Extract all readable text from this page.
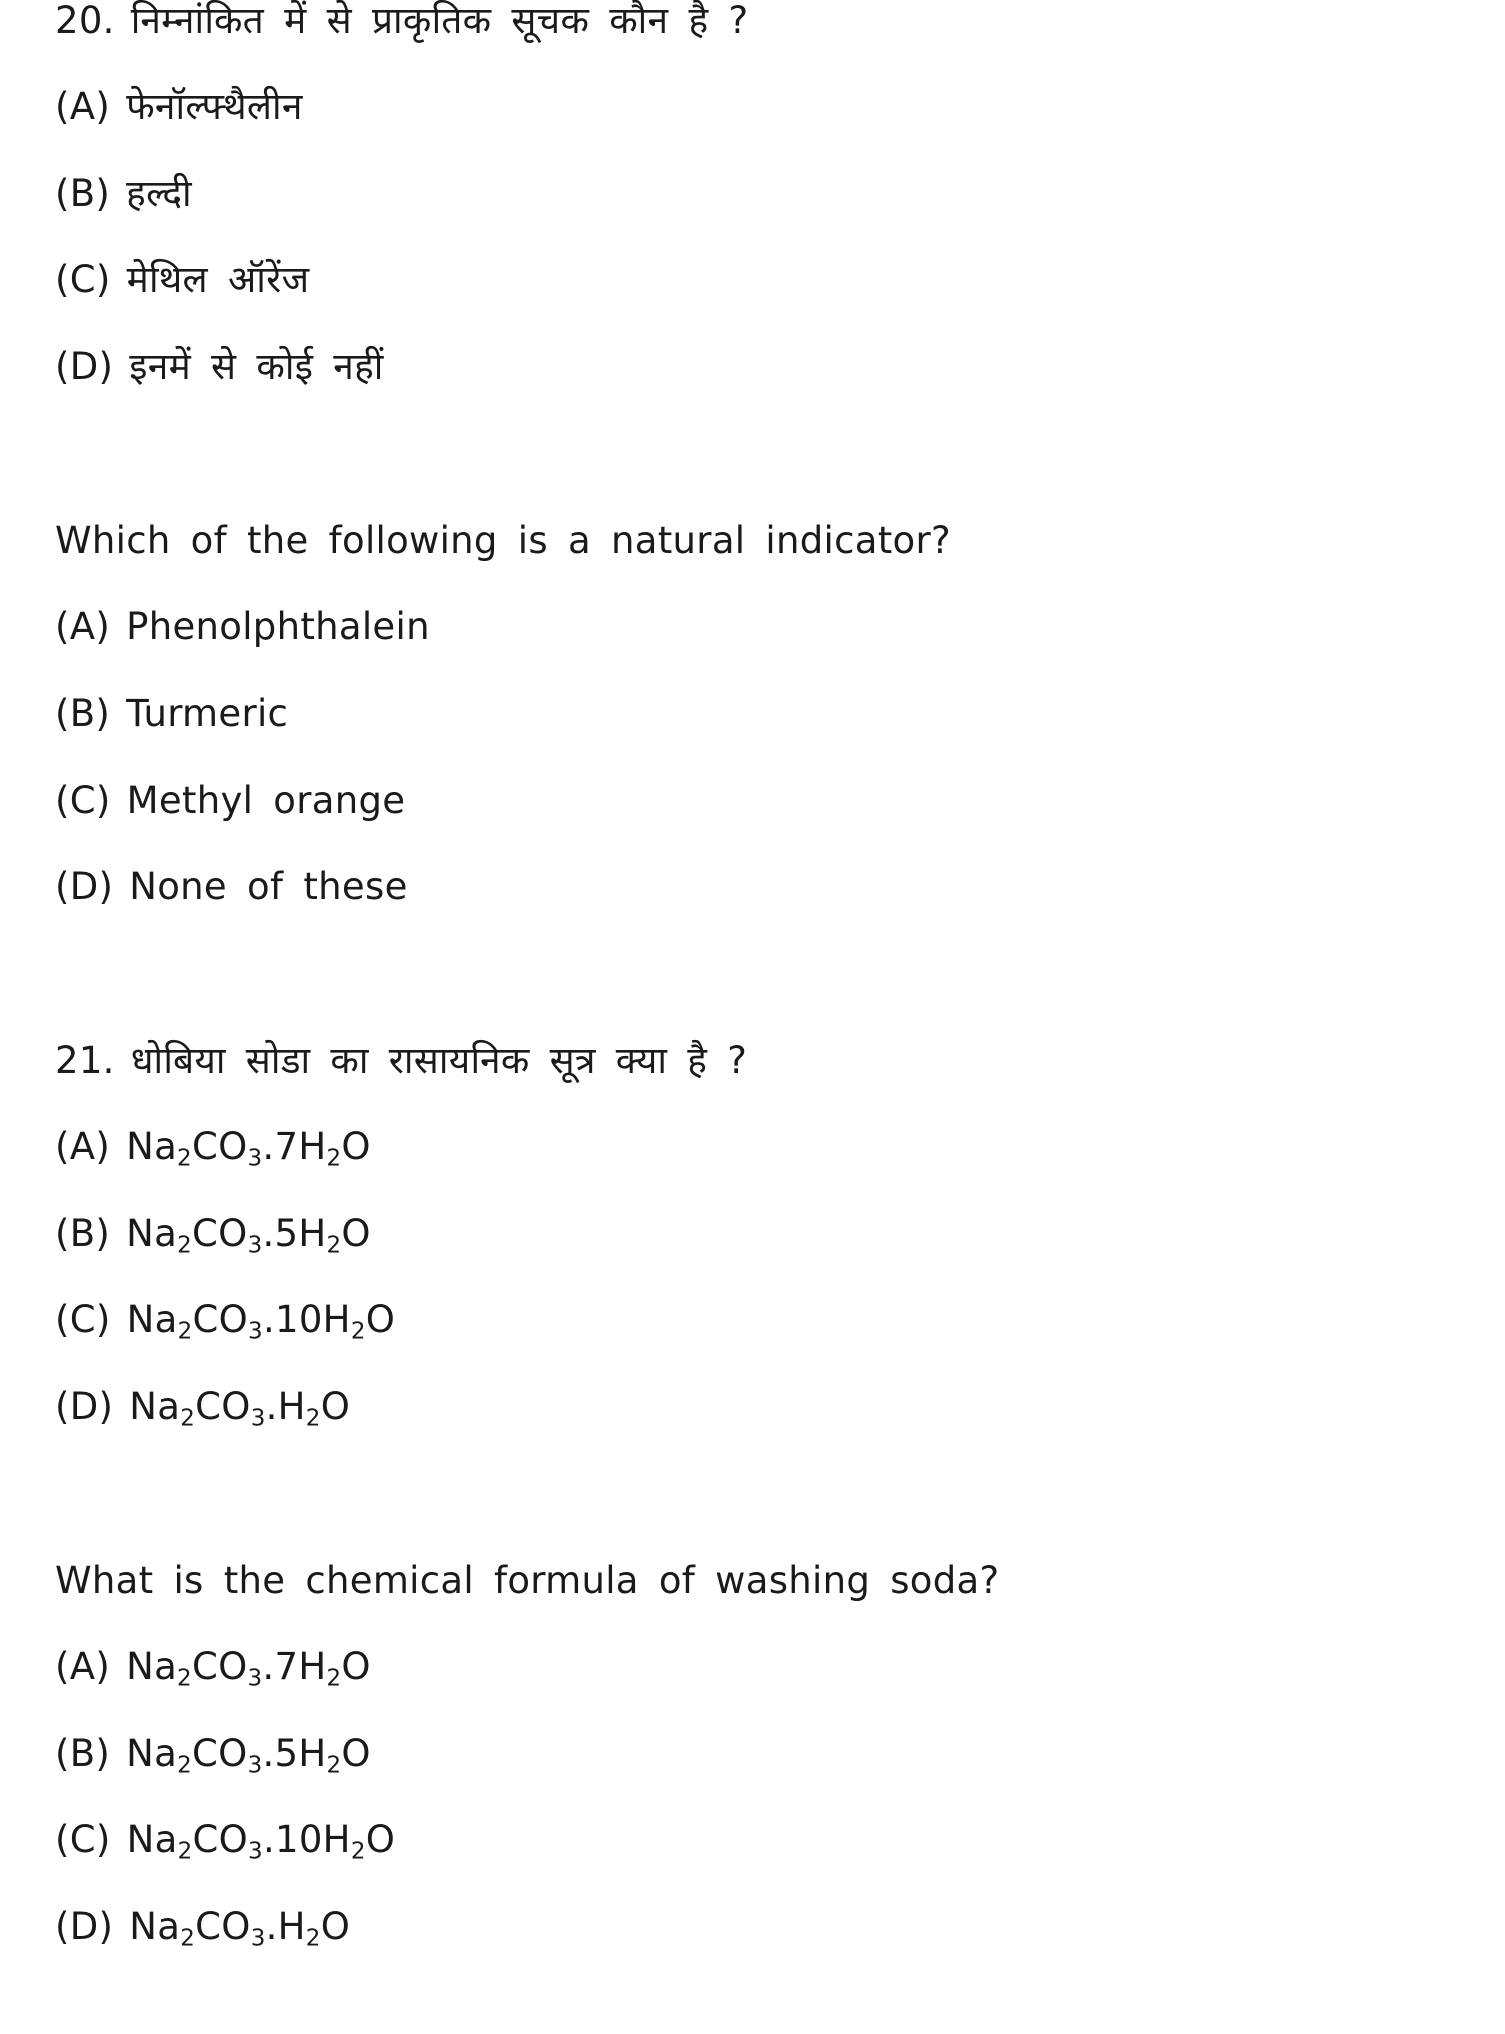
20. निम्नांकित में से प्राकृतिक सूचक कौन है ?

(A) फेनॉल्फ्थैलीन

(B) हल्दी

(C) मेथिल ऑरेंज

(D) इनमें से कोई नहीं

Which of the following is a natural indicator?

(A) Phenolphthalein

(B) Turmeric

(C) Methyl orange

(D) None of these

21. धोबिया सोडा का रासायनिक सूत्र क्या है ?

(A) $Na_2CO_3.7H_2O$

(B) $Na_2CO_3.5H_2O$

(C) $Na_2CO_3.10H_2O$

(D) $Na_2CO_3.H_2O$

What is the chemical formula of washing soda?

(A) $Na_2CO_3.7H_2O$

(B) $Na_2CO_3.5H_2O$

(C) $Na_2CO_3.10H_2O$

(D) $Na_2CO_3.H_2O$
